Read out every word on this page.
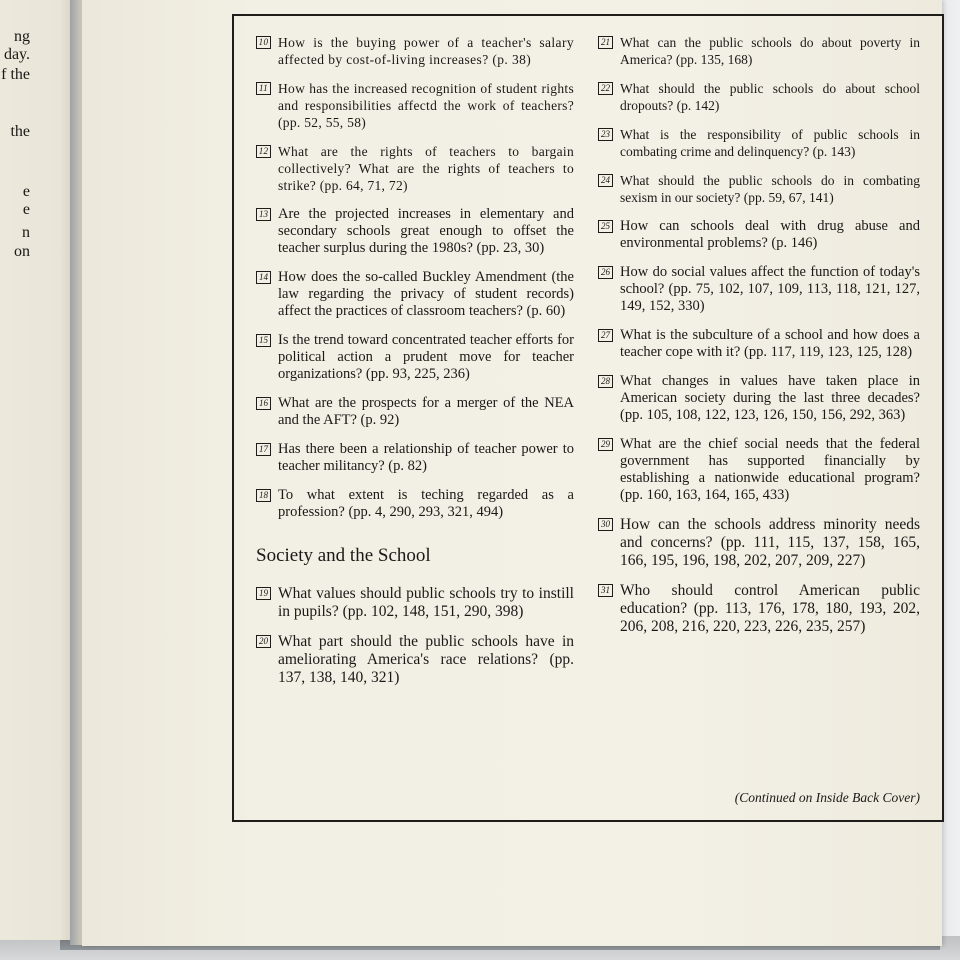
ng
day.
f the
the
e
e
n
on
10 How is the buying power of a teacher's salary affected by cost-of-living increases? (p. 38)
11 How has the increased recognition of student rights and responsibilities affectd the work of teachers? (pp. 52, 55, 58)
12 What are the rights of teachers to bargain collectively? What are the rights of teachers to strike? (pp. 64, 71, 72)
13 Are the projected increases in elementary and secondary schools great enough to offset the teacher surplus during the 1980s? (pp. 23, 30)
14 How does the so-called Buckley Amendment (the law regarding the privacy of student records) affect the practices of classroom teachers? (p. 60)
15 Is the trend toward concentrated teacher efforts for political action a prudent move for teacher organizations? (pp. 93, 225, 236)
16 What are the prospects for a merger of the NEA and the AFT? (p. 92)
17 Has there been a relationship of teacher power to teacher militancy? (p. 82)
18 To what extent is teching regarded as a profession? (pp. 4, 290, 293, 321, 494)
Society and the School
19 What values should public schools try to instill in pupils? (pp. 102, 148, 151, 290, 398)
20 What part should the public schools have in ameliorating America's race relations? (pp. 137, 138, 140, 321)
21 What can the public schools do about poverty in America? (pp. 135, 168)
22 What should the public schools do about school dropouts? (p. 142)
23 What is the responsibility of public schools in combating crime and delinquency? (p. 143)
24 What should the public schools do in combating sexism in our society? (pp. 59, 67, 141)
25 How can schools deal with drug abuse and environmental problems? (p. 146)
26 How do social values affect the function of today's school? (pp. 75, 102, 107, 109, 113, 118, 121, 127, 149, 152, 330)
27 What is the subculture of a school and how does a teacher cope with it? (pp. 117, 119, 123, 125, 128)
28 What changes in values have taken place in American society during the last three decades? (pp. 105, 108, 122, 123, 126, 150, 156, 292, 363)
29 What are the chief social needs that the federal government has supported financially by establishing a nationwide educational program? (pp. 160, 163, 164, 165, 433)
30 How can the schools address minority needs and concerns? (pp. 111, 115, 137, 158, 165, 166, 195, 196, 198, 202, 207, 209, 227)
31 Who should control American public education? (pp. 113, 176, 178, 180, 193, 202, 206, 208, 216, 220, 223, 226, 235, 257)
(Continued on Inside Back Cover)
